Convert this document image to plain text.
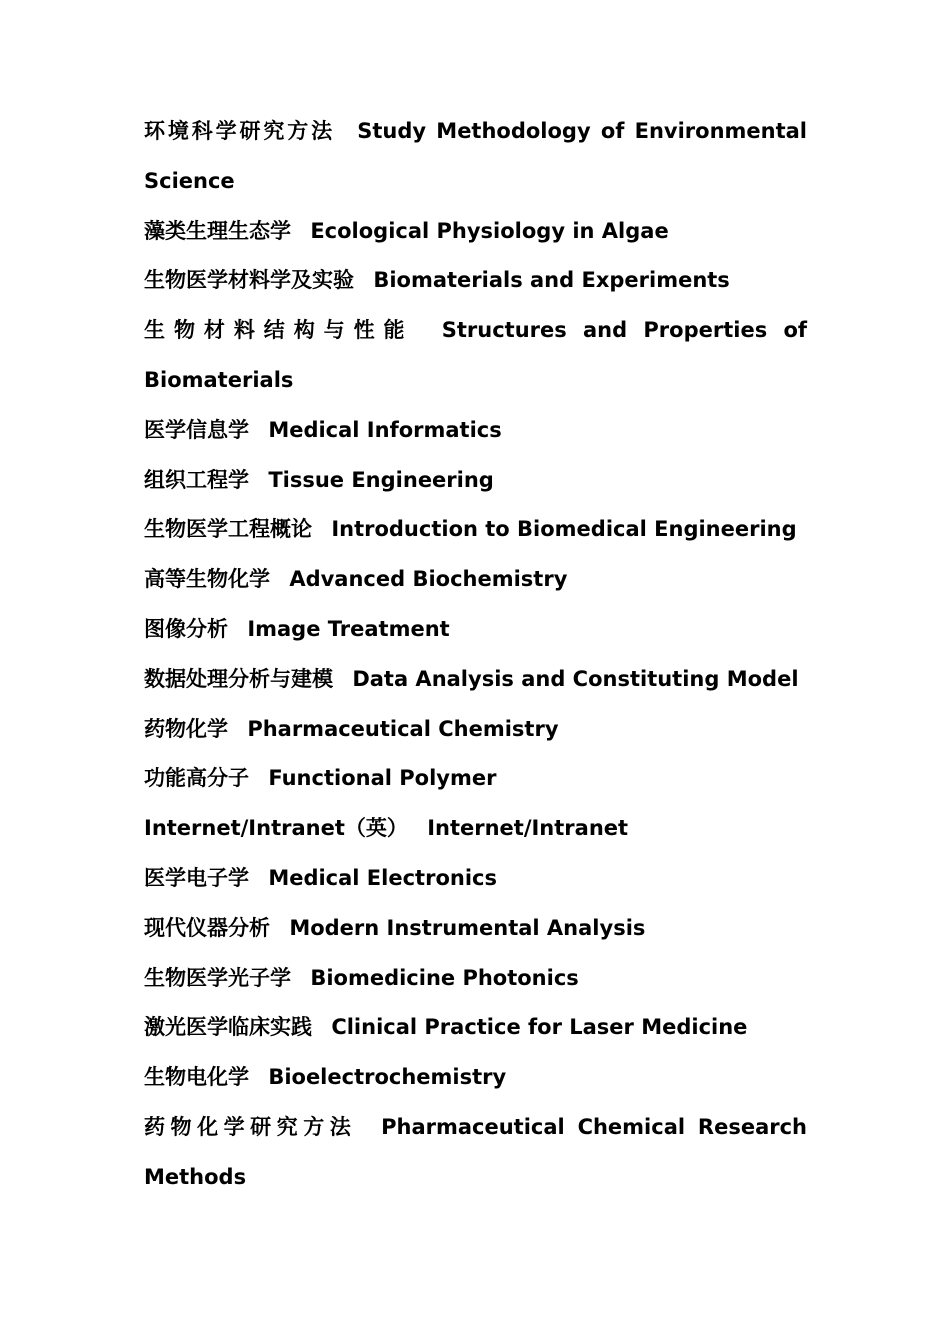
环境科学研究方法 Study Methodology of Environmental Science
藻类生理生态学 Ecological Physiology in Algae
生物医学材料学及实验 Biomaterials and Experiments
生物材料结构与性能 Structures and Properties of Biomaterials
医学信息学 Medical Informatics
组织工程学 Tissue Engineering
生物医学工程概论 Introduction to Biomedical Engineering
高等生物化学 Advanced Biochemistry
图像分析 Image Treatment
数据处理分析与建模 Data Analysis and Constituting Model
药物化学 Pharmaceutical Chemistry
功能高分子 Functional Polymer
Internet/Intranet（英） Internet/Intranet
医学电子学 Medical Electronics
现代仪器分析 Modern Instrumental Analysis
生物医学光子学 Biomedicine Photonics
激光医学临床实践 Clinical Practice for Laser Medicine
生物电化学 Bioelectrochemistry
药物化学研究方法 Pharmaceutical Chemical Research Methods
